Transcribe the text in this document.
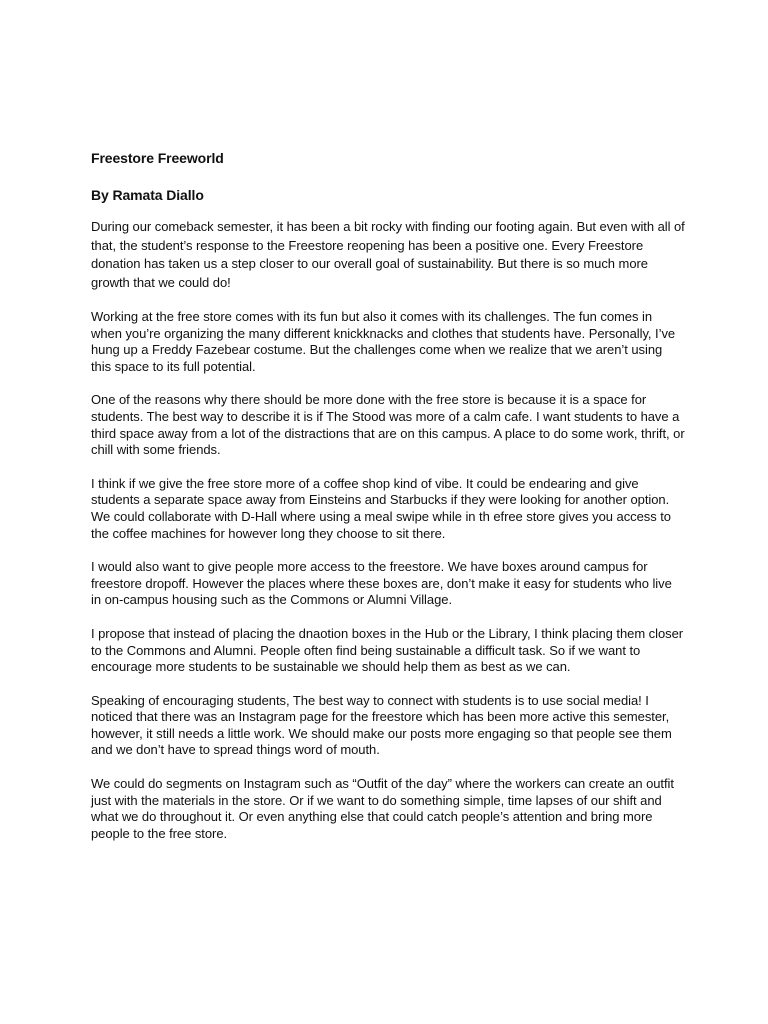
Freestore Freeworld
By Ramata Diallo

During our comeback semester, it has been a bit rocky with finding our footing again. But even with all of that, the student’s response to the Freestore reopening has been a positive one. Every Freestore donation has taken us a step closer to our overall goal of sustainability. But there is so much more growth that we could do!

Working at the free store comes with its fun but also it comes with its challenges. The fun comes in when you’re organizing the many different knickknacks and clothes that students have. Personally, I’ve hung up a Freddy Fazebear costume. But the challenges come when we realize that we aren’t using this space to its full potential.

One of the reasons why there should be more done with the free store is because it is a space for students. The best way to describe it is if The Stood was more of a calm cafe. I want students to have a third space away from a lot of the distractions that are on this campus. A place to do some work, thrift, or chill with some friends.

I think if we give the free store more of a coffee shop kind of vibe. It could be endearing and give students a separate space away from Einsteins and Starbucks if they were looking for another option. We could collaborate with D-Hall where using a meal swipe while in th efree store gives you access to the coffee machines for however long they choose to sit there.

I would also want to give people more access to the freestore. We have boxes around campus for freestore dropoff. However the places where these boxes are, don’t make it easy for students who live in on-campus housing such as the Commons or Alumni Village.

I propose that instead of placing the dnaotion boxes in the Hub or the Library, I think placing them closer to the Commons and Alumni. People often find being sustainable a difficult task. So if we want to encourage more students to be sustainable we should help them as best as we can.

Speaking of encouraging students, The best way to connect with students is to use social media! I noticed that there was an Instagram page for the freestore which has been more active this semester, however, it still needs a little work. We should make our posts more engaging so that people see them and we don’t have to spread things word of mouth.

We could do segments on Instagram such as “Outfit of the day” where the workers can create an outfit just with the materials in the store. Or if we want to do something simple, time lapses of our shift and what we do throughout it. Or even anything else that could catch people’s attention and bring more people to the free store.
